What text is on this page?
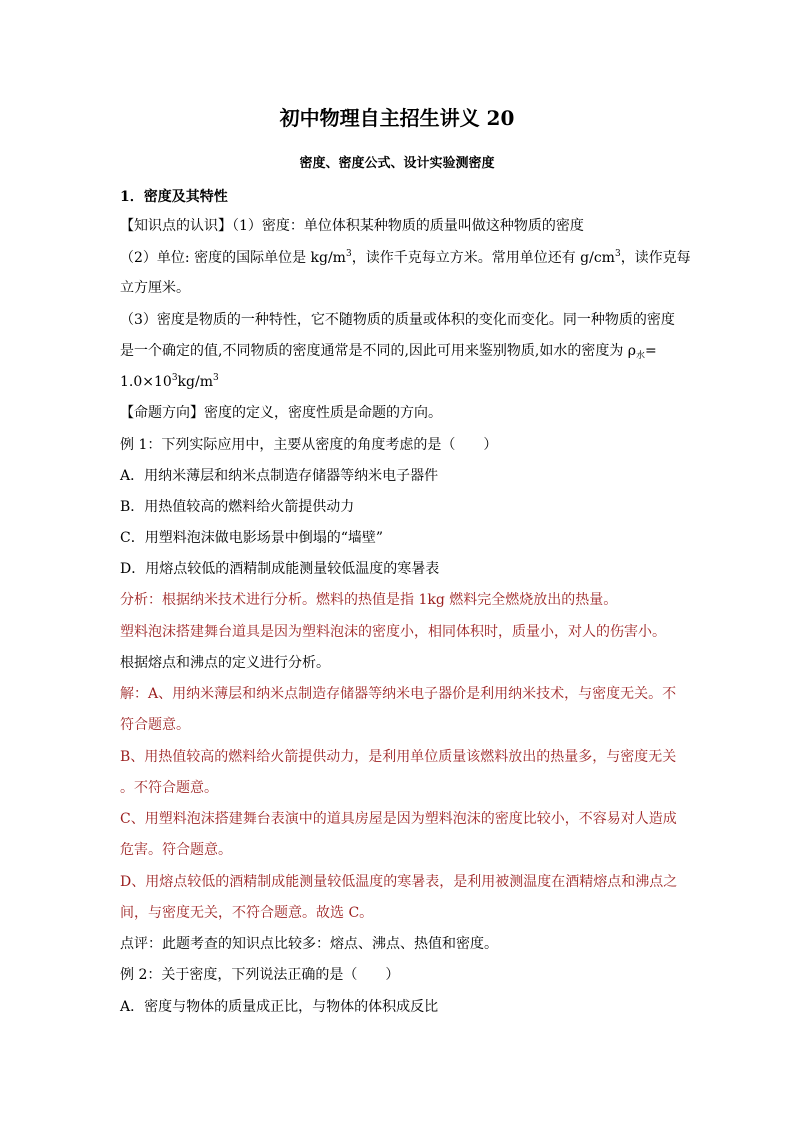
初中物理自主招生讲义 20
密度、密度公式、设计实验测密度
1．密度及其特性
【知识点的认识】（1）密度：单位体积某种物质的质量叫做这种物质的密度
（2）单位: 密度的国际单位是 $kg/m^3$，读作千克每立方米。常用单位还有 $g/cm^3$，读作克每
立方厘米。
（3）密度是物质的一种特性，它不随物质的质量或体积的变化而变化。同一种物质的密度
是一个确定的值,不同物质的密度通常是不同的,因此可用来鉴别物质,如水的密度为 $\rho_水=$
$1.0\times 10^3kg/m^3$
【命题方向】密度的定义，密度性质是命题的方向。
例 1：下列实际应用中，主要从密度的角度考虑的是（　　）
A．用纳米薄层和纳米点制造存储器等纳米电子器件
B．用热值较高的燃料给火箭提供动力
C．用塑料泡沫做电影场景中倒塌的“墙壁”
D．用熔点较低的酒精制成能测量较低温度的寒暑表
分析：根据纳米技术进行分析。燃料的热值是指 1kg 燃料完全燃烧放出的热量。
塑料泡沫搭建舞台道具是因为塑料泡沫的密度小，相同体积时，质量小，对人的伤害小。
根据熔点和沸点的定义进行分析。
解：A、用纳米薄层和纳米点制造存储器等纳米电子器价是利用纳米技术，与密度无关。不
符合题意。
B、用热值较高的燃料给火箭提供动力，是利用单位质量该燃料放出的热量多，与密度无关
。不符合题意。
C、用塑料泡沫搭建舞台表演中的道具房屋是因为塑料泡沫的密度比较小，不容易对人造成
危害。符合题意。
D、用熔点较低的酒精制成能测量较低温度的寒暑表，是利用被测温度在酒精熔点和沸点之
间，与密度无关，不符合题意。故选 C。
点评：此题考查的知识点比较多：熔点、沸点、热值和密度。
例 2：关于密度，下列说法正确的是（　　）
A．密度与物体的质量成正比，与物体的体积成反比
